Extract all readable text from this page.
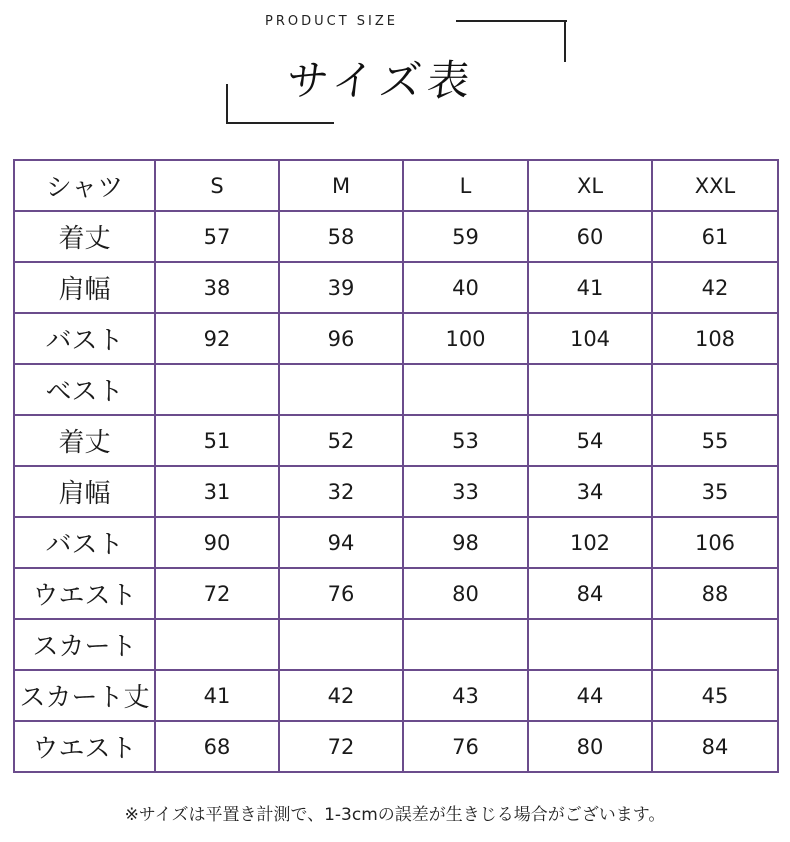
PRODUCT SIZE
サイズ表
シャツ	S	M	L	XL	XXL
着丈	57	58	59	60	61
肩幅	38	39	40	41	42
バスト	92	96	100	104	108
ベスト					
着丈	51	52	53	54	55
肩幅	31	32	33	34	35
バスト	90	94	98	102	106
ウエスト	72	76	80	84	88
スカート					
スカート丈	41	42	43	44	45
ウエスト	68	72	76	80	84
※サイズは平置き計測で、1-3cmの誤差が生きじる場合がございます。
